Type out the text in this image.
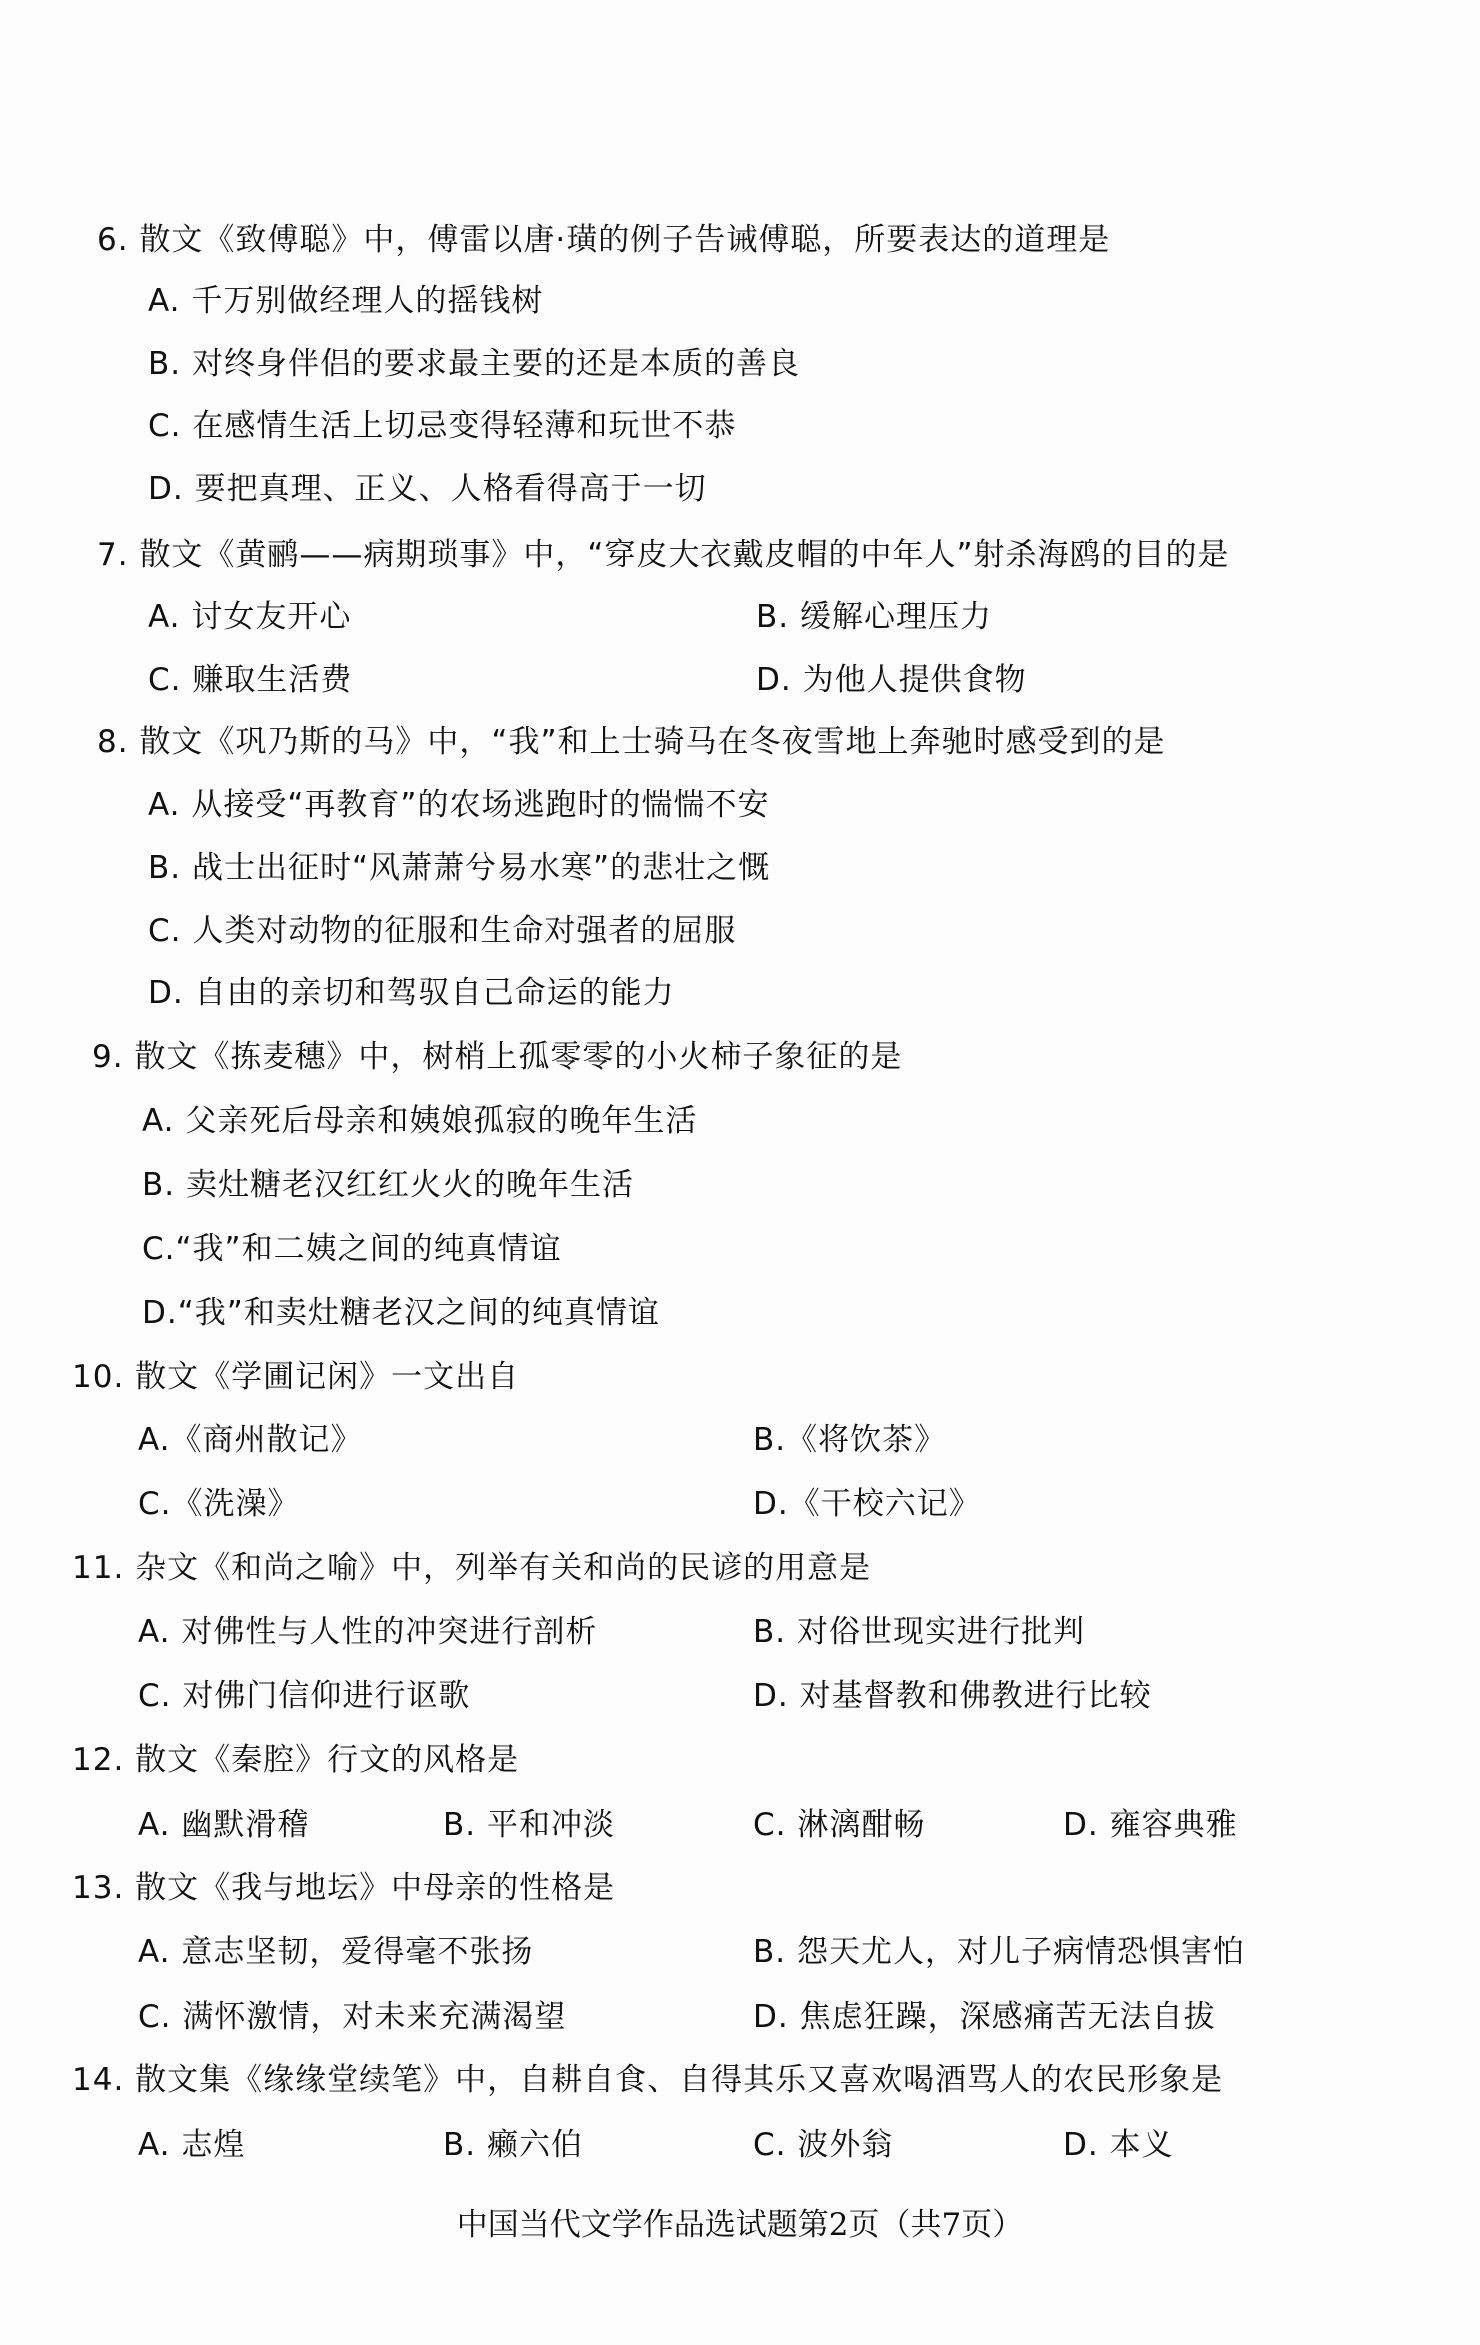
6. 散文《致傅聪》中，傅雷以唐·璜的例子告诫傅聪，所要表达的道理是
A. 千万别做经理人的摇钱树
B. 对终身伴侣的要求最主要的还是本质的善良
C. 在感情生活上切忌变得轻薄和玩世不恭
D. 要把真理、正义、人格看得高于一切
7. 散文《黄鹂——病期琐事》中，“穿皮大衣戴皮帽的中年人”射杀海鸥的目的是
A. 讨女友开心	B. 缓解心理压力
C. 赚取生活费	D. 为他人提供食物
8. 散文《巩乃斯的马》中，“我”和上士骑马在冬夜雪地上奔驰时感受到的是
A. 从接受“再教育”的农场逃跑时的惴惴不安
B. 战士出征时“风萧萧兮易水寒”的悲壮之慨
C. 人类对动物的征服和生命对强者的屈服
D. 自由的亲切和驾驭自己命运的能力
9. 散文《拣麦穗》中，树梢上孤零零的小火柿子象征的是
A. 父亲死后母亲和姨娘孤寂的晚年生活
B. 卖灶糖老汉红红火火的晚年生活
C.“我”和二姨之间的纯真情谊
D.“我”和卖灶糖老汉之间的纯真情谊
10. 散文《学圃记闲》一文出自
A.《商州散记》	B.《将饮茶》
C.《洗澡》	D.《干校六记》
11. 杂文《和尚之喻》中，列举有关和尚的民谚的用意是
A. 对佛性与人性的冲突进行剖析	B. 对俗世现实进行批判
C. 对佛门信仰进行讴歌	D. 对基督教和佛教进行比较
12. 散文《秦腔》行文的风格是
A. 幽默滑稽	B. 平和冲淡	C. 淋漓酣畅	D. 雍容典雅
13. 散文《我与地坛》中母亲的性格是
A. 意志坚韧，爱得毫不张扬	B. 怨天尤人，对儿子病情恐惧害怕
C. 满怀激情，对未来充满渴望	D. 焦虑狂躁，深感痛苦无法自拔
14. 散文集《缘缘堂续笔》中，自耕自食、自得其乐又喜欢喝酒骂人的农民形象是
A. 志煌	B. 癞六伯	C. 波外翁	D. 本义
中国当代文学作品选试题第2页（共7页）
